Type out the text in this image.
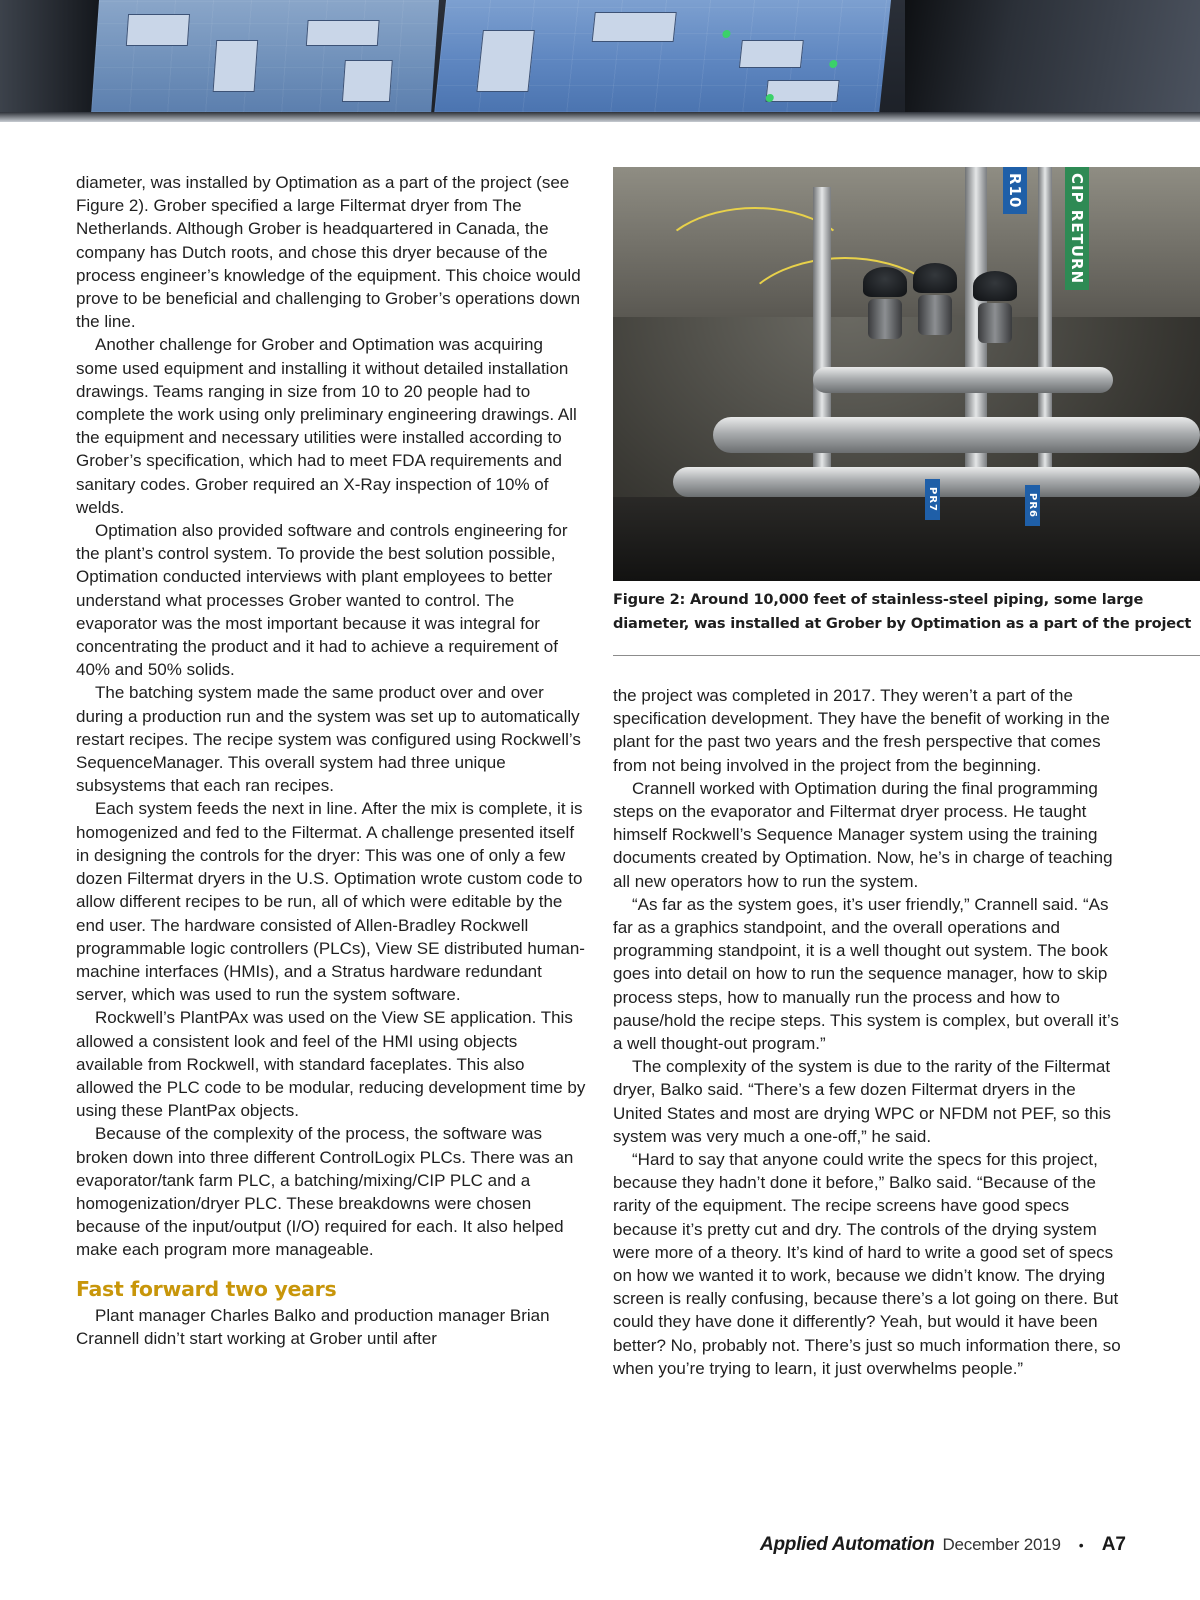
diameter, was installed by Optimation as a part of the project (see Figure 2). Grober specified a large Filtermat dryer from The Netherlands. Although Grober is headquartered in Canada, the company has Dutch roots, and chose this dryer because of the process engineer’s knowledge of the equipment. This choice would prove to be beneficial and challenging to Grober’s operations down the line.

Another challenge for Grober and Optimation was acquiring some used equipment and installing it without detailed installation drawings. Teams ranging in size from 10 to 20 people had to complete the work using only preliminary engineering drawings. All the equipment and necessary utilities were installed according to Grober’s specification, which had to meet FDA requirements and sanitary codes. Grober required an X-Ray inspection of 10% of welds.

Optimation also provided software and controls engineering for the plant’s control system. To provide the best solution possible, Optimation conducted interviews with plant employees to better understand what processes Grober wanted to control. The evaporator was the most important because it was integral for concentrating the product and it had to achieve a requirement of 40% and 50% solids.

The batching system made the same product over and over during a production run and the system was set up to automatically restart recipes. The recipe system was configured using Rockwell’s SequenceManager. This overall system had three unique subsystems that each ran recipes.

Each system feeds the next in line. After the mix is complete, it is homogenized and fed to the Filtermat. A challenge presented itself in designing the controls for the dryer: This was one of only a few dozen Filtermat dryers in the U.S. Optimation wrote custom code to allow different recipes to be run, all of which were editable by the end user. The hardware consisted of Allen-Bradley Rockwell programmable logic controllers (PLCs), View SE distributed human-machine interfaces (HMIs), and a Stratus hardware redundant server, which was used to run the system software.

Rockwell’s PlantPAx was used on the View SE application. This allowed a consistent look and feel of the HMI using objects available from Rockwell, with standard faceplates. This also allowed the PLC code to be modular, reducing development time by using these PlantPax objects.

Because of the complexity of the process, the software was broken down into three different ControlLogix PLCs. There was an evaporator/tank farm PLC, a batching/mixing/CIP PLC and a homogenization/dryer PLC. These breakdowns were chosen because of the input/output (I/O) required for each. It also helped make each program more manageable.

Fast forward two years

Plant manager Charles Balko and production manager Brian Crannell didn’t start working at Grober until after

R10	CIP RETURN
PR7	PR6
Figure 2: Around 10,000 feet of stainless-steel piping, some large diameter, was installed at Grober by Optimation as a part of the project

the project was completed in 2017. They weren’t a part of the specification development. They have the benefit of working in the plant for the past two years and the fresh perspective that comes from not being involved in the project from the beginning.

Crannell worked with Optimation during the final programming steps on the evaporator and Filtermat dryer process. He taught himself Rockwell’s Sequence Manager system using the training documents created by Optimation. Now, he’s in charge of teaching all new operators how to run the system.

“As far as the system goes, it’s user friendly,” Crannell said. “As far as a graphics standpoint, and the overall operations and programming standpoint, it is a well thought out system. The book goes into detail on how to run the sequence manager, how to skip process steps, how to manually run the process and how to pause/hold the recipe steps. This system is complex, but overall it’s a well thought-out program.”

The complexity of the system is due to the rarity of the Filtermat dryer, Balko said. “There’s a few dozen Filtermat dryers in the United States and most are drying WPC or NFDM not PEF, so this system was very much a one-off,” he said.

“Hard to say that anyone could write the specs for this project, because they hadn’t done it before,” Balko said. “Because of the rarity of the equipment. The recipe screens have good specs because it’s pretty cut and dry. The controls of the drying system were more of a theory. It’s kind of hard to write a good set of specs on how we wanted it to work, because we didn’t know. The drying screen is really confusing, because there’s a lot going on there. But could they have done it differently? Yeah, but would it have been better? No, probably not. There’s just so much information there, so when you’re trying to learn, it just overwhelms people.”

Applied Automation December 2019 • A7
